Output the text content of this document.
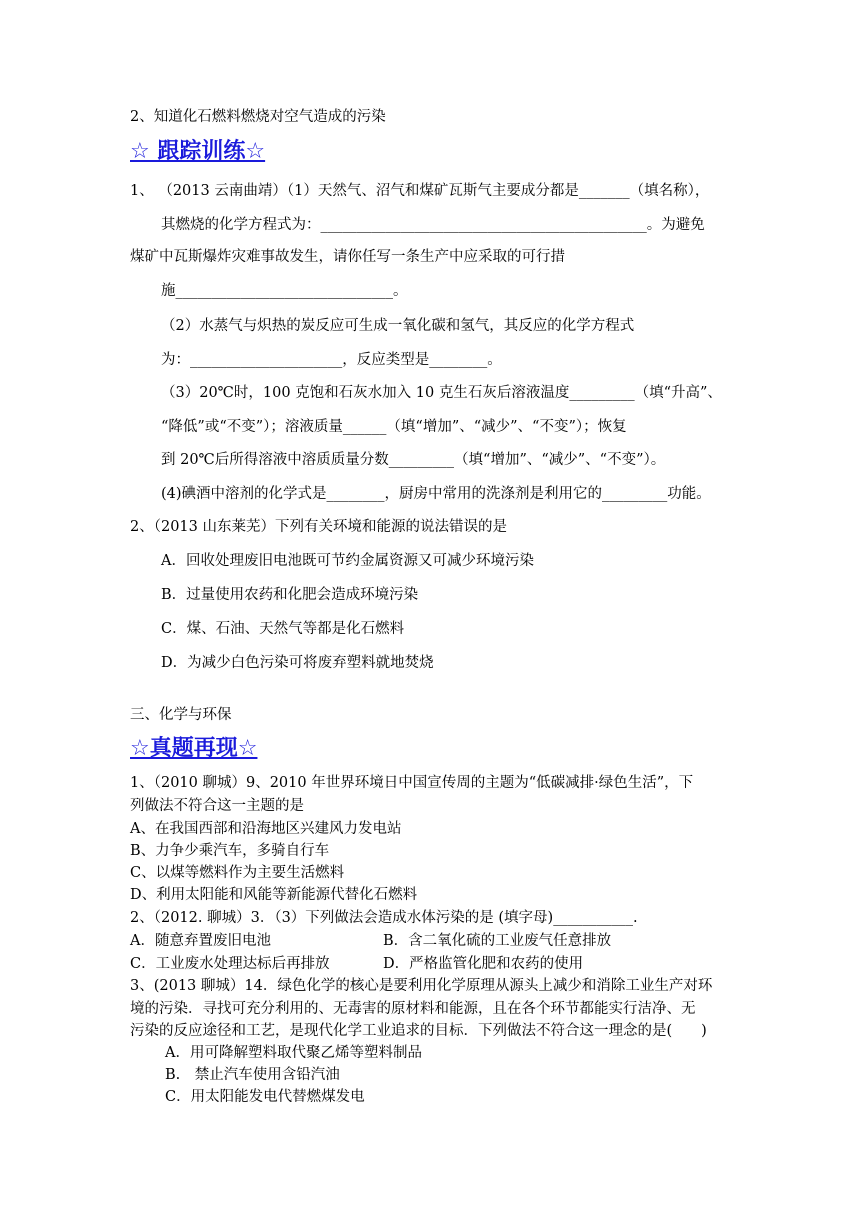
2、知道化石燃料燃烧对空气造成的污染
☆ 跟踪训练☆
1、 （2013 云南曲靖）（1）天然气、沼气和煤矿瓦斯气主要成分都是_______（填名称），
其燃烧的化学方程式为：_____________________________________________。为避免
煤矿中瓦斯爆炸灾难事故发生，请你任写一条生产中应采取的可行措
施______________________________。
（2）水蒸气与炽热的炭反应可生成一氧化碳和氢气，其反应的化学方程式
为：_____________________，反应类型是________。
（3）20℃时，100 克饱和石灰水加入 10 克生石灰后溶液温度_________（填“升高”、
“降低”或“不变”）；溶液质量______（填“增加”、“减少”、“不变”）；恢复
到 20℃后所得溶液中溶质质量分数_________（填“增加”、“减少”、“不变”）。
(4)碘酒中溶剂的化学式是________，厨房中常用的洗涤剂是利用它的_________功能。
2、（2013 山东莱芜）下列有关环境和能源的说法错误的是
A．回收处理废旧电池既可节约金属资源又可减少环境污染
B．过量使用农药和化肥会造成环境污染
C．煤、石油、天然气等都是化石燃料
D．为减少白色污染可将废弃塑料就地焚烧
三、化学与环保
☆真题再现☆
1、（2010 聊城）9、2010 年世界环境日中国宣传周的主题为“低碳减排·绿色生活”，下
列做法不符合这一主题的是
A、在我国西部和沿海地区兴建风力发电站
B、力争少乘汽车，多骑自行车
C、以煤等燃料作为主要生活燃料
D、利用太阳能和风能等新能源代替化石燃料
2、（2012. 聊城）3．（3）下列做法会造成水体污染的是 (填字母)___________.
A．随意弃置废旧电池	B．含二氧化硫的工业废气任意排放
C．工业废水处理达标后再排放	D．严格监管化肥和农药的使用
3、(2013 聊城）14．绿色化学的核心是要利用化学原理从源头上减少和消除工业生产对环
境的污染．寻找可充分利用的、无毒害的原材料和能源，且在各个环节都能实行洁净、无
污染的反应途径和工艺，是现代化学工业追求的目标．下列做法不符合这一理念的是(　　)
A．用可降解塑料取代聚乙烯等塑料制品
B.　禁止汽车使用含铅汽油
C．用太阳能发电代替燃煤发电
